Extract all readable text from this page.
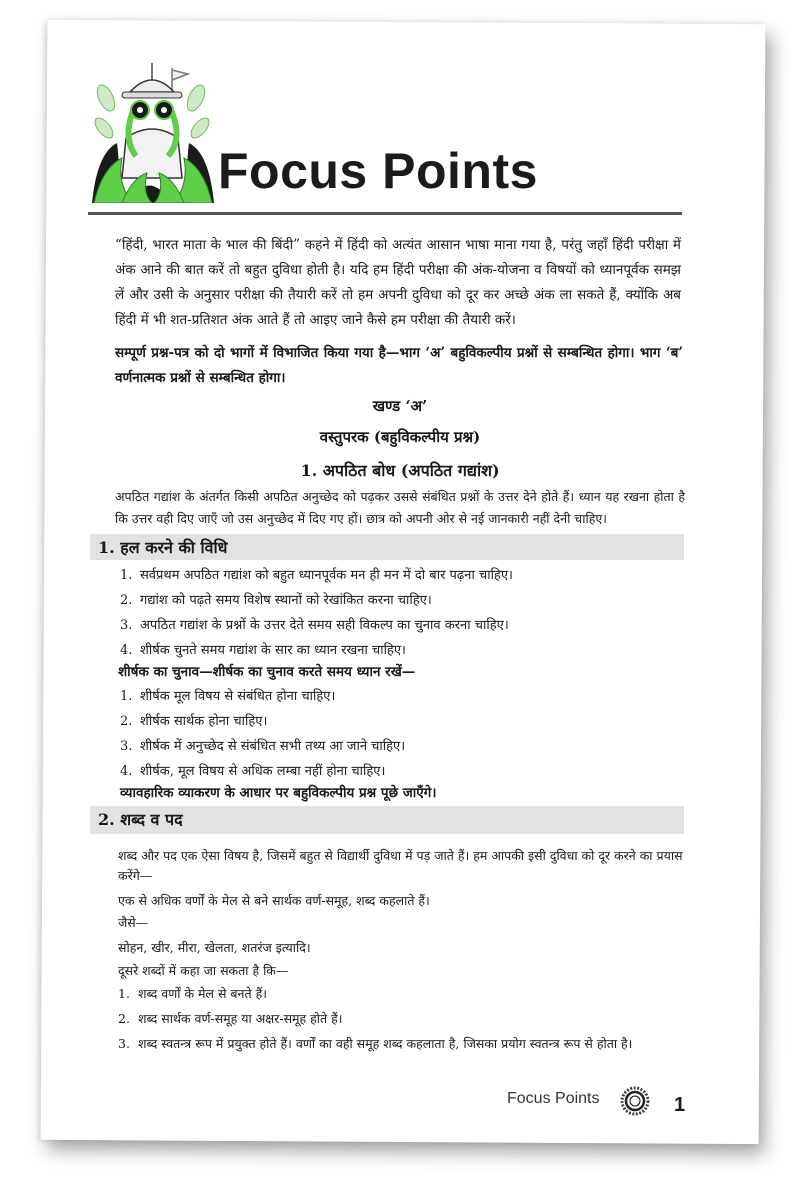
Focus Points
“हिंदी, भारत माता के भाल की बिंदी” कहने में हिंदी को अत्यंत आसान भाषा माना गया है, परंतु जहाँ हिंदी परीक्षा में अंक आने की बात करें तो बहुत दुविधा होती है। यदि हम हिंदी परीक्षा की अंक-योजना व विषयों को ध्यानपूर्वक समझ लें और उसी के अनुसार परीक्षा की तैयारी करें तो हम अपनी दुविधा को दूर कर अच्छे अंक ला सकते हैं, क्योंकि अब हिंदी में भी शत-प्रतिशत अंक आते हैं तो आइए जाने कैसे हम परीक्षा की तैयारी करें।
सम्पूर्ण प्रश्न-पत्र को दो भागों में विभाजित किया गया है—भाग ‘अ’ बहुविकल्पीय प्रश्नों से सम्बन्धित होगा। भाग ‘ब’ वर्णनात्मक प्रश्नों से सम्बन्धित होगा।
खण्ड ‘अ’
वस्तुपरक (बहुविकल्पीय प्रश्न)
1. अपठित बोध (अपठित गद्यांश)
अपठित गद्यांश के अंतर्गत किसी अपठित अनुच्छेद को पढ़कर उससे संबंधित प्रश्नों के उत्तर देने होते हैं। ध्यान यह रखना होता है कि उत्तर वही दिए जाएँ जो उस अनुच्छेद में दिए गए हों। छात्र को अपनी ओर से नई जानकारी नहीं देनी चाहिए।
1. हल करने की विधि
1. सर्वप्रथम अपठित गद्यांश को बहुत ध्यानपूर्वक मन ही मन में दो बार पढ़ना चाहिए।
2. गद्यांश को पढ़ते समय विशेष स्थानों को रेखांकित करना चाहिए।
3. अपठित गद्यांश के प्रश्नों के उत्तर देते समय सही विकल्प का चुनाव करना चाहिए।
4. शीर्षक चुनते समय गद्यांश के सार का ध्यान रखना चाहिए।
शीर्षक का चुनाव—शीर्षक का चुनाव करते समय ध्यान रखें—
1. शीर्षक मूल विषय से संबंधित होना चाहिए।
2. शीर्षक सार्थक होना चाहिए।
3. शीर्षक में अनुच्छेद से संबंधित सभी तथ्य आ जाने चाहिए।
4. शीर्षक, मूल विषय से अधिक लम्बा नहीं होना चाहिए।
व्यावहारिक व्याकरण के आधार पर बहुविकल्पीय प्रश्न पूछे जाएँगे।
2. शब्द व पद
शब्द और पद एक ऐसा विषय है, जिसमें बहुत से विद्यार्थी दुविधा में पड़ जाते हैं। हम आपकी इसी दुविधा को दूर करने का प्रयास करेंगे—
एक से अधिक वर्णों के मेल से बने सार्थक वर्ण-समूह, शब्द कहलाते हैं।
जैसे—
सोहन, खीर, मीरा, खेलता, शतरंज इत्यादि।
दूसरे शब्दों में कहा जा सकता है कि—
1. शब्द वर्णों के मेल से बनते हैं।
2. शब्द सार्थक वर्ण-समूह या अक्षर-समूह होते हैं।
3. शब्द स्वतन्त्र रूप में प्रयुक्त होते हैं। वर्णों का वही समूह शब्द कहलाता है, जिसका प्रयोग स्वतन्त्र रूप से होता है।
Focus Points	1
